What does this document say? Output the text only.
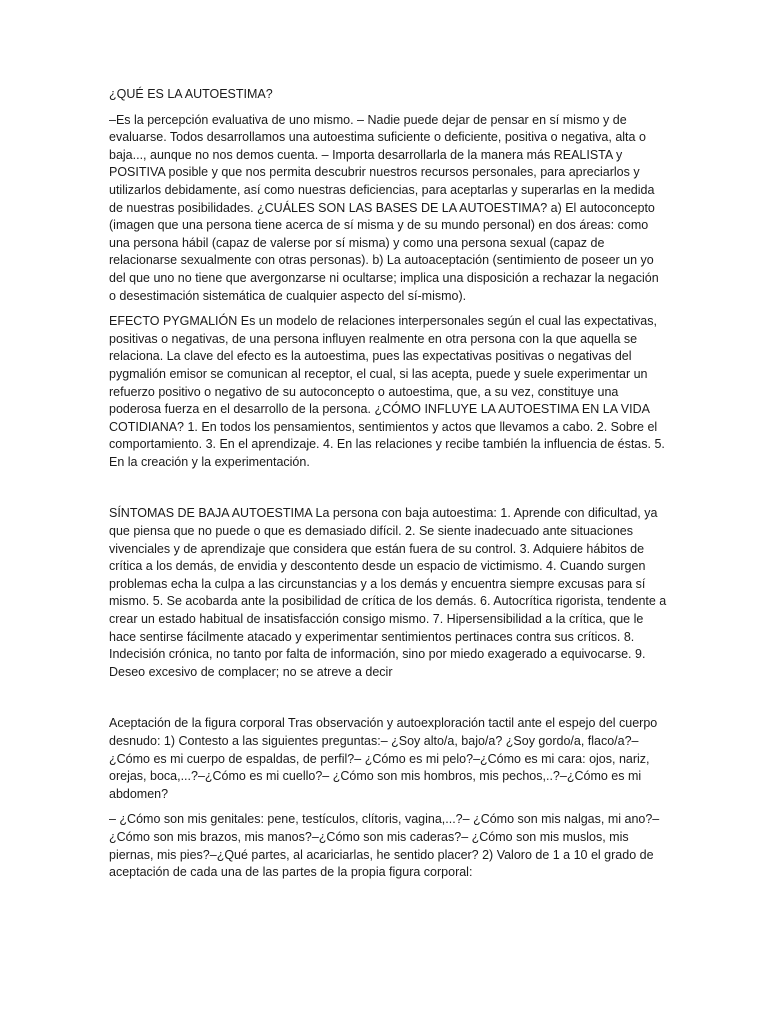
¿QUÉ ES LA AUTOESTIMA?

–Es la percepción evaluativa de uno mismo. – Nadie puede dejar de pensar en sí mismo y de evaluarse. Todos desarrollamos una autoestima suficiente o deficiente, positiva o negativa, alta o baja..., aunque no nos demos cuenta. – Importa desarrollarla de la manera más REALISTA y POSITIVA posible y que nos permita descubrir nuestros recursos personales, para apreciarlos y utilizarlos debidamente, así como nuestras deficiencias, para aceptarlas y superarlas en la medida de nuestras posibilidades. ¿CUÁLES SON LAS BASES DE LA AUTOESTIMA? a) El autoconcepto (imagen que una persona tiene acerca de sí misma y de su mundo personal) en dos áreas: como una persona hábil (capaz de valerse por sí misma) y como una persona sexual (capaz de relacionarse sexualmente con otras personas). b) La autoaceptación (sentimiento de poseer un yo del que uno no tiene que avergonzarse ni ocultarse; implica una disposición a rechazar la negación o desestimación sistemática de cualquier aspecto del sí-mismo).

EFECTO PYGMALIÓN Es un modelo de relaciones interpersonales según el cual las expectativas, positivas o negativas, de una persona influyen realmente en otra persona con la que aquella se relaciona. La clave del efecto es la autoestima, pues las expectativas positivas o negativas del pygmalión emisor se comunican al receptor, el cual, si las acepta, puede y suele experimentar un refuerzo positivo o negativo de su autoconcepto o autoestima, que, a su vez, constituye una poderosa fuerza en el desarrollo de la persona. ¿CÓMO INFLUYE LA AUTOESTIMA EN LA VIDA COTIDIANA? 1. En todos los pensamientos, sentimientos y actos que llevamos a cabo. 2. Sobre el comportamiento. 3. En el aprendizaje. 4. En las relaciones y recibe también la influencia de éstas. 5. En la creación y la experimentación.

SÍNTOMAS DE BAJA AUTOESTIMA La persona con baja autoestima: 1. Aprende con dificultad, ya que piensa que no puede o que es demasiado difícil. 2. Se siente inadecuado ante situaciones vivenciales y de aprendizaje que considera que están fuera de su control. 3. Adquiere hábitos de crítica a los demás, de envidia y descontento desde un espacio de victimismo. 4. Cuando surgen problemas echa la culpa a las circunstancias y a los demás y encuentra siempre excusas para sí mismo. 5. Se acobarda ante la posibilidad de crítica de los demás. 6. Autocrítica rigorista, tendente a crear un estado habitual de insatisfacción consigo mismo. 7. Hipersensibilidad a la crítica, que le hace sentirse fácilmente atacado y experimentar sentimientos pertinaces contra sus críticos. 8. Indecisión crónica, no tanto por falta de información, sino por miedo exagerado a equivocarse. 9. Deseo excesivo de complacer; no se atreve a decir

Aceptación de la figura corporal Tras observación y autoexploración tactil ante el espejo del cuerpo desnudo: 1) Contesto a las siguientes preguntas:– ¿Soy alto/a, bajo/a? ¿Soy gordo/a, flaco/a?–¿Cómo es mi cuerpo de espaldas, de perfil?– ¿Cómo es mi pelo?–¿Cómo es mi cara: ojos, nariz, orejas, boca,...?–¿Cómo es mi cuello?– ¿Cómo son mis hombros, mis pechos,..?–¿Cómo es mi abdomen?

– ¿Cómo son mis genitales: pene, testículos, clítoris, vagina,...?– ¿Cómo son mis nalgas, mi ano?–¿Cómo son mis brazos, mis manos?–¿Cómo son mis caderas?– ¿Cómo son mis muslos, mis piernas, mis pies?–¿Qué partes, al acariciarlas, he sentido placer? 2) Valoro de 1 a 10 el grado de aceptación de cada una de las partes de la propia figura corporal:
